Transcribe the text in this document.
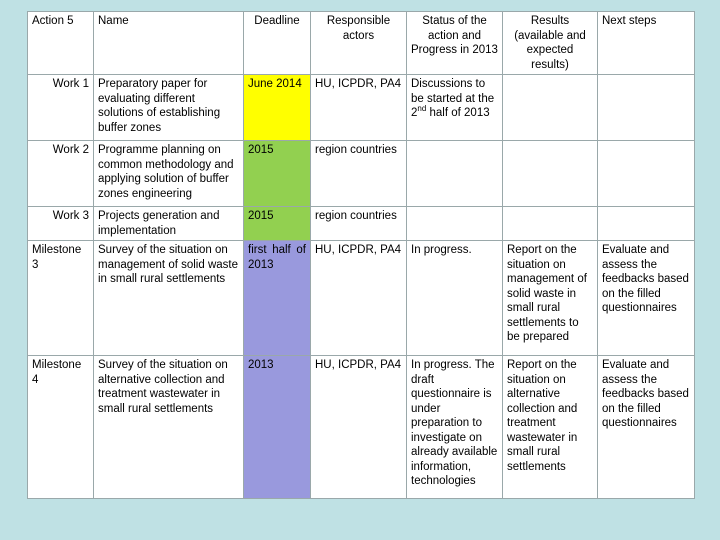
Action 5	Name	Deadline	Responsible actors	Status of the action and Progress in 2013	Results (available and expected results)	Next steps
Work 1	Preparatory paper for evaluating different solutions of establishing buffer zones	June 2014	HU, ICPDR, PA4	Discussions to be started at the 2nd half of 2013		
Work 2	Programme planning on common methodology and applying solution of buffer zones engineering	2015	region countries			
Work 3	Projects generation and implementation	2015	region countries			
Milestone 3	Survey of the situation on management of solid waste in small rural settlements	first half of 2013	HU, ICPDR, PA4	In progress.	Report on the situation on management of solid waste in small rural settlements to be prepared	Evaluate and assess the feedbacks based on the filled questionnaires
Milestone 4	Survey of the situation on alternative collection and treatment wastewater in small rural settlements	2013	HU, ICPDR, PA4	In progress. The draft questionnaire is under preparation to investigate on already available information, technologies	Report on the situation on alternative collection and treatment wastewater in small rural settlements	Evaluate and assess the feedbacks based on the filled questionnaires
